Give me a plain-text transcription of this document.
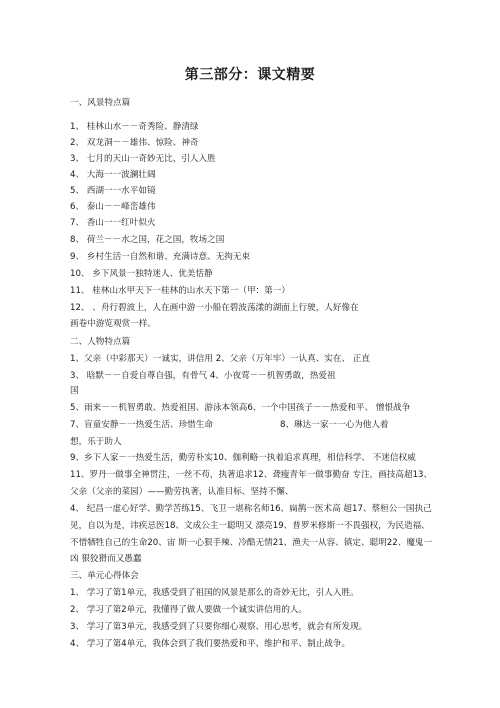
第三部分：课文精要
一、风景特点篇
1、 桂林山水－－奇秀险、静清绿
2、 双龙洞－－雄伟、惊险、神奇
3、 七月的天山一奇妙无比，引人入胜
4、 大海一一波澜壮阔
5、 西湖一一水平如镜
6、 泰山－－峰峦雄伟
7、 香山一一红叶似火
8、 荷兰－－水之国，花之国，牧场之国
9、 乡村生活一自然和谐、充满诗意、无拘无束
10、 乡下风景一独特迷人、优美恬静
11、 桂林山水甲天下一桂林的山水天下第一（甲：第一）
12、 、舟行碧波上，人在画中游一小船在碧波荡漾的湖面上行驶，人好像在
画卷中游览观赏一样。
二、人物特点篇
1、父亲（中彩那天）一诚实，讲信用 2、父亲（万年牢）一认真、实在、 正直
3、 晗默－－自爱自尊自强，有骨气 4、小夜莺－－机智勇敢，热爱祖
国
5、雨来－－机智勇敢、热爱祖国、游泳本领高6、一个中国孩子－－热爱和平、 憎恨战争
7、盲童安静－一热爱生活、珍惜生命	8、琳达一家一一心为他人着
想，乐于助人
9、乡下人家－一热爱生活，勤劳朴实10、伽利略一执着追求真理，相信科学、 不迷信权威
11、罗丹一做事全神贯注，一丝不苟，执著追求12、聋瘦青年一做事勤奋 专注，画技高超13、
父亲（父亲的菜园）——勤劳执著，认准目标、坚持不懈、
4、 纪昌一虚心好学、勤学苦练15、飞卫一堪称名师16、扁鹊一医术高 超17、蔡桓公一国执己
见，自以为是，讳疾忌医18、文成公主一聪明又 漂亮19、普罗米修斯一不畏强权，为民造福、
不惜牺牲自己的生命20、宙 斯一心狠手辣、冷酷无情21、渔夫一从容、镇定、聪明22、魔鬼一
凶 狠狡猾而又愚蠢
三、单元心得体会
1、 学习了第1单元，我感受到了祖国的风景是那么的奇妙无比，引人入胜。
2、 学习了第2单元，我懂得了做人要做一个诚实讲信用的人。
3、 学习了第3单元，我感受到了只要你细心观察、用心思考，就会有所发现。
4、 学习了第4单元，我体会到了我们要热爱和平、维护和平、制止战争。
